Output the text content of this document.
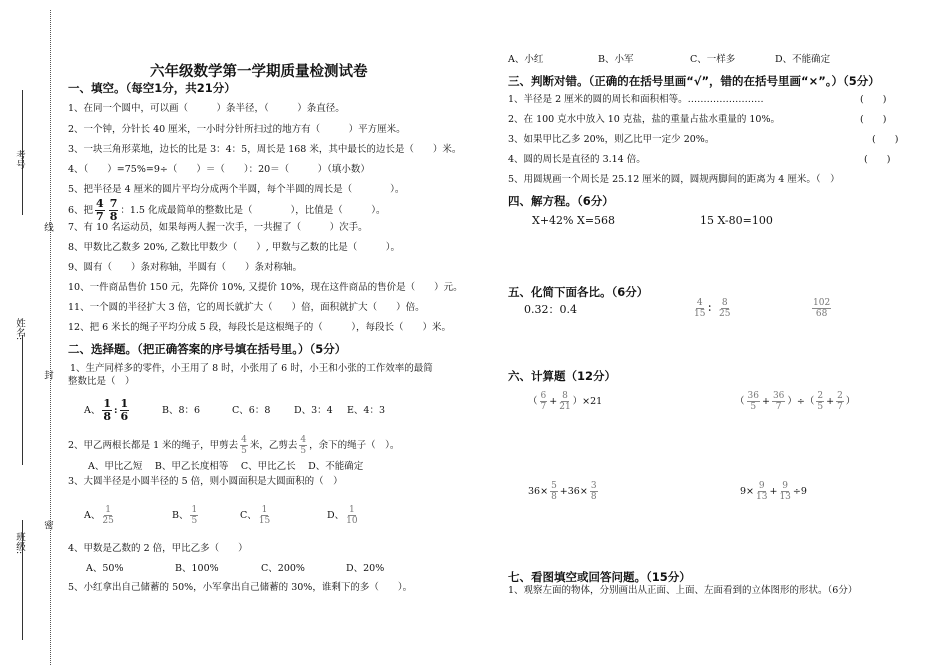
考号
线
姓名:
封
密
班级:
六年级数学第一学期质量检测试卷
一、填空。（每空1分，共21分）
1、在同一个圆中，可以画（　　　）条半径，（　　　）条直径。
2、一个钟，分针长 40 厘米，一小时分针所扫过的地方有（　　　）平方厘米。
3、一块三角形菜地，边长的比是 3：4：5，周长是 168 米，其中最长的边长是（　　）米。
4、（　　）=75%=9÷（　　）＝（　　）：20＝（　　　）（填小数）
5、把半径是 4 厘米的圆片平均分成两个半圆，每个半圆的周长是（　　　　）。
6、把 $\frac{4}{7} \frac{7}{8}$ ：1.5 化成最简单的整数比是（　　　　），比值是（　　　）。
7、有 10 名运动员，如果每两人握一次手，一共握了（　　　）次手。
8、甲数比乙数多 20%, 乙数比甲数少（　　）, 甲数与乙数的比是（　　　）。
9、圆有（　　）条对称轴，半圆有（　　）条对称轴。
10、一件商品售价 150 元，先降价 10%, 又提价 10%，现在这件商品的售价是（　　）元。
11、一个圆的半径扩大 3 倍，它的周长就扩大（　　）倍，面积就扩大（　　）倍。
12、把 6 米长的绳子平均分成 5 段，每段长是这根绳子的（　　　），每段长（　　）米。
二、选择题。（把正确答案的序号填在括号里。）（5分）
1、生产同样多的零件，小王用了 8 时，小张用了 6 时，小王和小张的工作效率的最简
整数比是（　）
A、 $\frac{1}{8}$ : $\frac{1}{6}$	B、8：6	C、6：8 D、3：4 E、4：3
2、甲乙两根长都是 1 米的绳子，甲剪去 $\frac{4}{5}$ 米，乙剪去 $\frac{4}{5}$ ，余下的绳子（　）。
A、甲比乙短　 B、甲乙长度相等　 C、甲比乙长　 D、不能确定
3、大圆半径是小圆半径的 5 倍，则小圆面积是大圆面积的（　）
A、 $\frac{1}{25}$	B、 $\frac{1}{5}$	C、 $\frac{1}{15}$	D、 $\frac{1}{10}$
4、甲数是乙数的 2 倍，甲比乙多（　　）
A、50%	B、100%	C、200%	D、20%
5、小红拿出自己储蓄的 50%，小军拿出自己储蓄的 30%，谁剩下的多（　　）。
A、小红	B、小军	C、一样多	D、不能确定
三、判断对错。（正确的在括号里画“√”，错的在括号里画“×”。）（5分）
1、半径是 2 厘米的圆的周长和面积相等。……………………	(　　)
2、在 100 克水中放入 10 克盐，盐的重量占盐水重量的 10%。	(　　)
3、如果甲比乙多 20%，则乙比甲一定少 20%。	(　　)
4、圆的周长是直径的 3.14 倍。	(　　)
5、用圆规画一个周长是 25.12 厘米的圆，圆规两脚间的距离为 4 厘米。（　）
四、解方程。（6分）
X+42% X=568	15 X-80=100
五、化简下面各比。（6分）
0.32：0.4	$\frac{4}{15}$ ： $\frac{8}{25}$	$\frac{102}{68}$
六、计算题（12分）
（ $\frac{6}{7} + \frac{8}{21} )\times 21$	（ $\frac{36}{5} + \frac{36}{7}$ ）÷（ $\frac{2}{5} + \frac{2}{7}$ ）
$36\times \frac{5}{8} +36\times \frac{3}{8}$	$9\times \frac{9}{13} + \frac{9}{13} \div 9$
七、看图填空或回答问题。（15分）
1、观察左面的物体，分别画出从正面、上面、左面看到的立体图形的形状。（6分）
